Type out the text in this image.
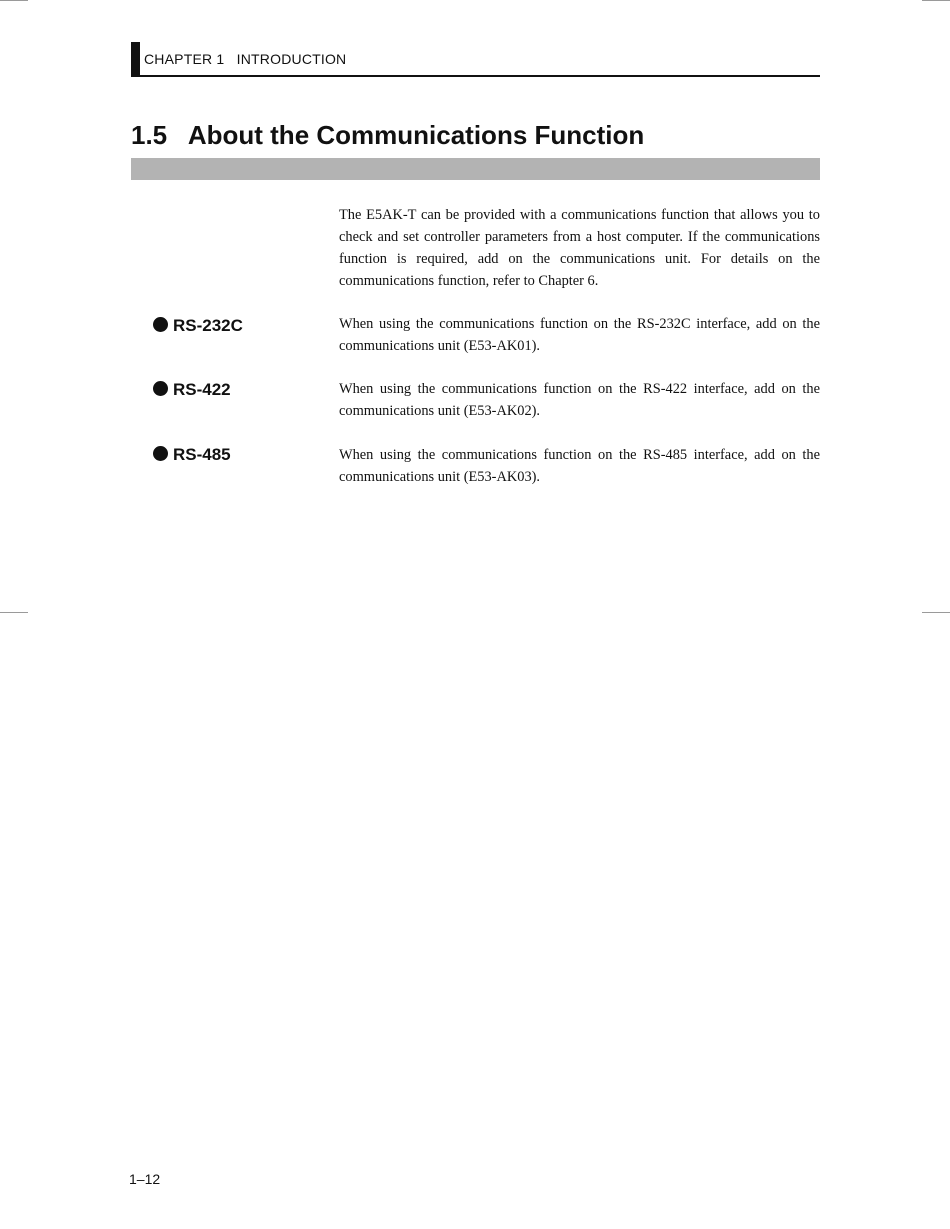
CHAPTER 1   INTRODUCTION
1.5   About the Communications Function

The E5AK-T can be provided with a communications function that allows you to check and set controller parameters from a host computer. If the communications function is required, add on the communications unit. For details on the communications function, refer to Chapter 6.

RS-232C	When using the communications function on the RS-232C interface, add on the communications unit (E53-AK01).

RS-422	When using the communications function on the RS-422 interface, add on the communications unit (E53-AK02).

RS-485	When using the communications function on the RS-485 interface, add on the communications unit (E53-AK03).

1–12
